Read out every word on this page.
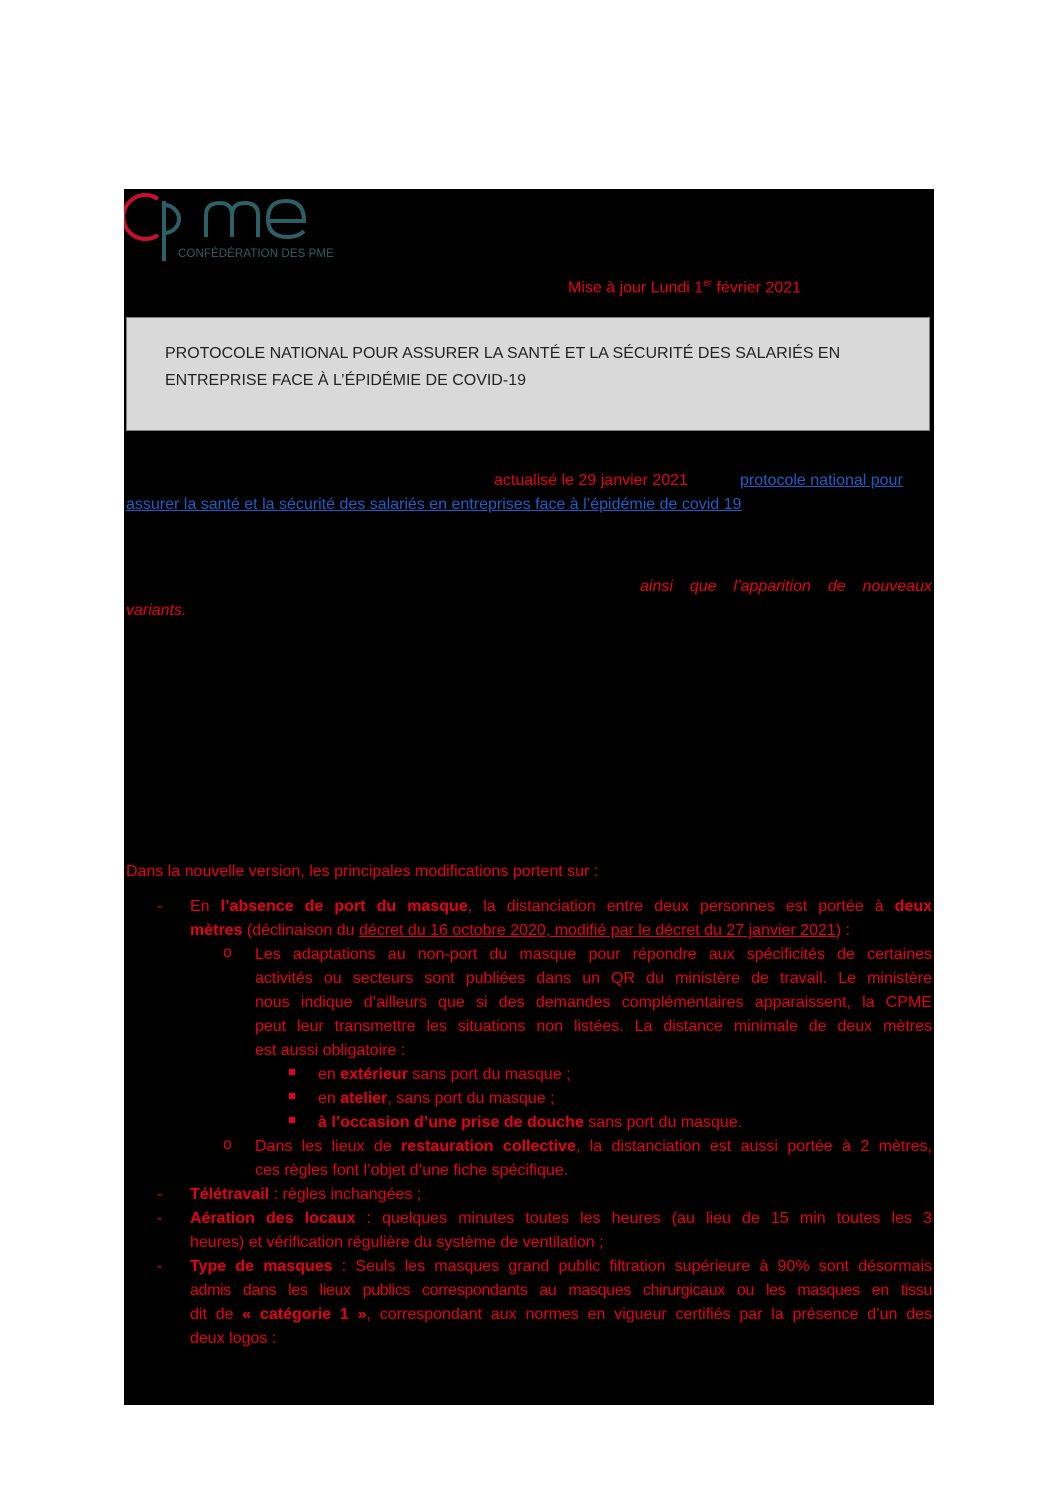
CONFÉDÉRATION DES PME
Mise à jour Lundi 1er février 2021
PROTOCOLE NATIONAL POUR ASSURER LA SANTÉ ET LA SÉCURITÉ DES SALARIÉS EN
ENTREPRISE FACE À L’ÉPIDÉMIE DE COVID-19
actualisé le 29 janvier 2021	protocole national pour
assurer la santé et la sécurité des salariés en entreprises face à l’épidémie de covid 19
ainsi que l’apparition de nouveaux
variants.
Dans la nouvelle version, les principales modifications portent sur :
- En l’absence de port du masque, la distanciation entre deux personnes est portée à deux
mètres (déclinaison du décret du 16 octobre 2020, modifié par le décret du 27 janvier 2021) :
o Les adaptations au non-port du masque pour répondre aux spécificités de certaines
activités ou secteurs sont publiées dans un QR du ministère de travail. Le ministère
nous indique d’ailleurs que si des demandes complémentaires apparaissent, la CPME
peut leur transmettre les situations non listées. La distance minimale de deux mètres
est aussi obligatoire :
en extérieur sans port du masque ;
en atelier, sans port du masque ;
à l’occasion d’une prise de douche sans port du masque.
o Dans les lieux de restauration collective, la distanciation est aussi portée à 2 mètres,
ces règles font l’objet d’une fiche spécifique.
- Télétravail : règles inchangées ;
- Aération des locaux : quelques minutes toutes les heures (au lieu de 15 min toutes les 3
heures) et vérification régulière du système de ventilation ;
- Type de masques : Seuls les masques grand public filtration supérieure à 90% sont désormais
admis dans les lieux publics correspondants au masques chirurgicaux ou les masques en tissu
dit de « catégorie 1 », correspondant aux normes en vigueur certifiés par la présence d’un des
deux logos :
